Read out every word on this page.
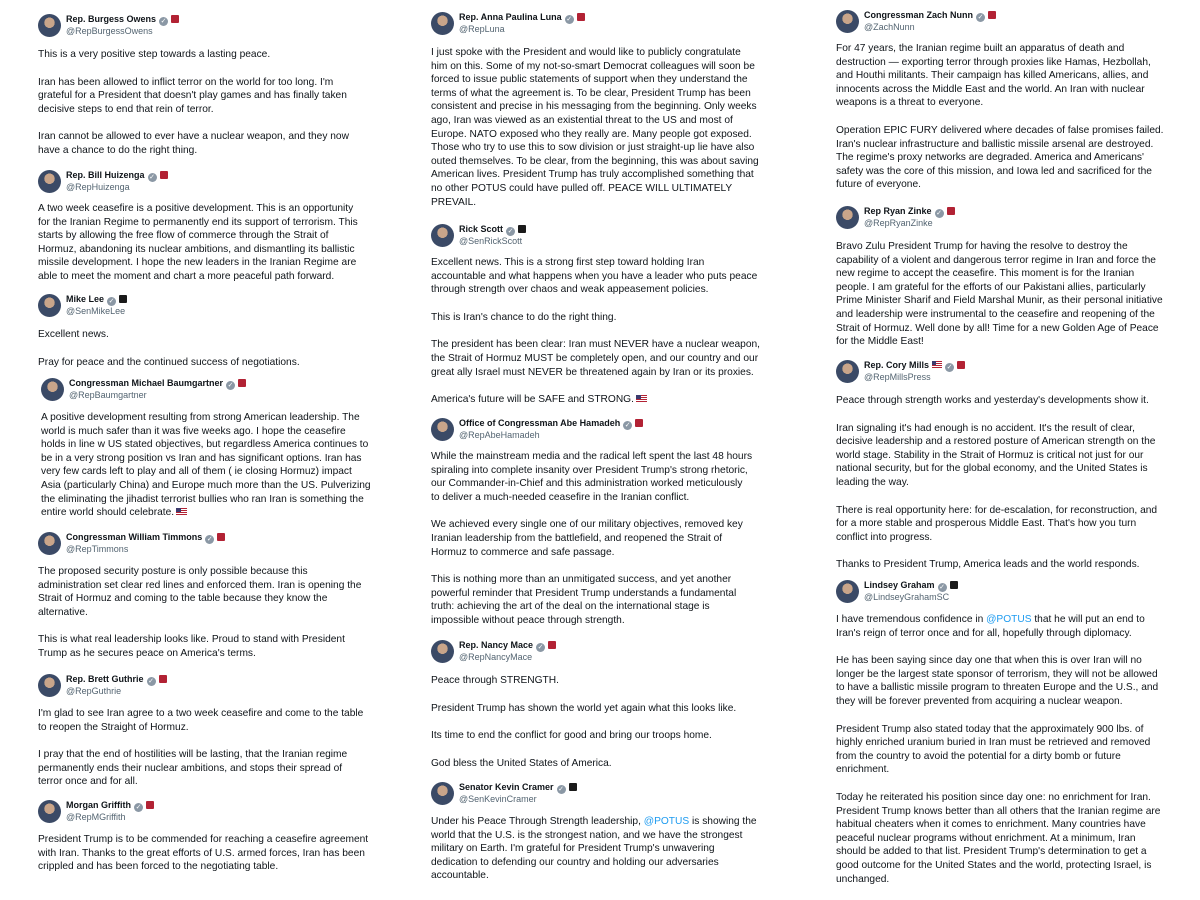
Rep. Burgess Owens ✓
@RepBurgessOwens

This is a very positive step towards a lasting peace.

Iran has been allowed to inflict terror on the world for too long. I'm

grateful for a President that doesn't play games and has finally taken

decisive steps to end that rein of terror.

Iran cannot be allowed to ever have a nuclear weapon, and they now

have a chance to do the right thing.

Rep. Bill Huizenga ✓
@RepHuizenga

A two week ceasefire is a positive development. This is an opportunity

for the Iranian Regime to permanently end its support of terrorism. This

starts by allowing the free flow of commerce through the Strait of

Hormuz, abandoning its nuclear ambitions, and dismantling its ballistic

missile development. I hope the new leaders in the Iranian Regime are

able to meet the moment and chart a more peaceful path forward.

Mike Lee ✓
@SenMikeLee

Excellent news.

Pray for peace and the continued success of negotiations.

Congressman Michael Baumgartner ✓
@RepBaumgartner

A positive development resulting from strong American leadership. The

world is much safer than it was five weeks ago. I hope the ceasefire

holds in line w US stated objectives, but regardless America continues to

be in a very strong position vs Iran and has significant options. Iran has

very few cards left to play and all of them ( ie closing Hormuz) impact

Asia (particularly China) and Europe much more than the US. Pulverizing

the eliminating the jihadist terrorist bullies who ran Iran is something the

entire world should celebrate.

Congressman William Timmons ✓
@RepTimmons

The proposed security posture is only possible because this

administration set clear red lines and enforced them. Iran is opening the

Strait of Hormuz and coming to the table because they know the

alternative.

This is what real leadership looks like. Proud to stand with President

Trump as he secures peace on America's terms.

Rep. Brett Guthrie ✓
@RepGuthrie

I'm glad to see Iran agree to a two week ceasefire and come to the table

to reopen the Straight of Hormuz.

I pray that the end of hostilities will be lasting, that the Iranian regime

permanently ends their nuclear ambitions, and stops their spread of

terror once and for all.

Morgan Griffith ✓
@RepMGriffith

President Trump is to be commended for reaching a ceasefire agreement

with Iran. Thanks to the great efforts of U.S. armed forces, Iran has been

crippled and has been forced to the negotiating table.

Rep. Anna Paulina Luna ✓
@RepLuna

I just spoke with the President and would like to publicly congratulate

him on this. Some of my not-so-smart Democrat colleagues will soon be

forced to issue public statements of support when they understand the

terms of what the agreement is. To be clear, President Trump has been

consistent and precise in his messaging from the beginning. Only weeks

ago, Iran was viewed as an existential threat to the US and most of

Europe. NATO exposed who they really are. Many people got exposed.

Those who try to use this to sow division or just straight-up lie have also

outed themselves. To be clear, from the beginning, this was about saving

American lives. President Trump has truly accomplished something that

no other POTUS could have pulled off. PEACE WILL ULTIMATELY

PREVAIL.

Rick Scott ✓
@SenRickScott

Excellent news. This is a strong first step toward holding Iran

accountable and what happens when you have a leader who puts peace

through strength over chaos and weak appeasement policies.

This is Iran's chance to do the right thing.

The president has been clear: Iran must NEVER have a nuclear weapon,

the Strait of Hormuz MUST be completely open, and our country and our

great ally Israel must NEVER be threatened again by Iran or its proxies.

America's future will be SAFE and STRONG.

Office of Congressman Abe Hamadeh ✓
@RepAbeHamadeh

While the mainstream media and the radical left spent the last 48 hours

spiraling into complete insanity over President Trump's strong rhetoric,

our Commander-in-Chief and this administration worked meticulously

to deliver a much-needed ceasefire in the Iranian conflict.

We achieved every single one of our military objectives, removed key

Iranian leadership from the battlefield, and reopened the Strait of

Hormuz to commerce and safe passage.

This is nothing more than an unmitigated success, and yet another

powerful reminder that President Trump understands a fundamental

truth: achieving the art of the deal on the international stage is

impossible without peace through strength.

Rep. Nancy Mace ✓
@RepNancyMace

Peace through STRENGTH.

President Trump has shown the world yet again what this looks like.

Its time to end the conflict for good and bring our troops home.

God bless the United States of America.

Senator Kevin Cramer ✓
@SenKevinCramer

Under his Peace Through Strength leadership, @POTUS is showing the

world that the U.S. is the strongest nation, and we have the strongest

military on Earth. I'm grateful for President Trump's unwavering

dedication to defending our country and holding our adversaries

accountable.

Congressman Zach Nunn ✓
@ZachNunn

For 47 years, the Iranian regime built an apparatus of death and

destruction — exporting terror through proxies like Hamas, Hezbollah,

and Houthi militants. Their campaign has killed Americans, allies, and

innocents across the Middle East and the world. An Iran with nuclear

weapons is a threat to everyone.

Operation EPIC FURY delivered where decades of false promises failed.

Iran's nuclear infrastructure and ballistic missile arsenal are destroyed.

The regime's proxy networks are degraded. America and Americans'

safety was the core of this mission, and Iowa led and sacrificed for the

future of everyone.

Rep Ryan Zinke ✓
@RepRyanZinke

Bravo Zulu President Trump for having the resolve to destroy the

capability of a violent and dangerous terror regime in Iran and force the

new regime to accept the ceasefire. This moment is for the Iranian

people. I am grateful for the efforts of our Pakistani allies, particularly

Prime Minister Sharif and Field Marshal Munir, as their personal initiative

and leadership were instrumental to the ceasefire and reopening of the

Strait of Hormuz. Well done by all! Time for a new Golden Age of Peace

for the Middle East!

Rep. Cory Mills	✓
@RepMillsPress

Peace through strength works and yesterday's developments show it.

Iran signaling it's had enough is no accident. It's the result of clear,

decisive leadership and a restored posture of American strength on the

world stage. Stability in the Strait of Hormuz is critical not just for our

national security, but for the global economy, and the United States is

leading the way.

There is real opportunity here: for de-escalation, for reconstruction, and

for a more stable and prosperous Middle East. That's how you turn

conflict into progress.

Thanks to President Trump, America leads and the world responds.

Lindsey Graham ✓
@LindseyGrahamSC

I have tremendous confidence in @POTUS that he will put an end to

Iran's reign of terror once and for all, hopefully through diplomacy.

He has been saying since day one that when this is over Iran will no

longer be the largest state sponsor of terrorism, they will not be allowed

to have a ballistic missile program to threaten Europe and the U.S., and

they will be forever prevented from acquiring a nuclear weapon.

President Trump also stated today that the approximately 900 lbs. of

highly enriched uranium buried in Iran must be retrieved and removed

from the country to avoid the potential for a dirty bomb or future

enrichment.

Today he reiterated his position since day one: no enrichment for Iran.

President Trump knows better than all others that the Iranian regime are

habitual cheaters when it comes to enrichment. Many countries have

peaceful nuclear programs without enrichment. At a minimum, Iran

should be added to that list. President Trump's determination to get a

good outcome for the United States and the world, protecting Israel, is

unchanged.
